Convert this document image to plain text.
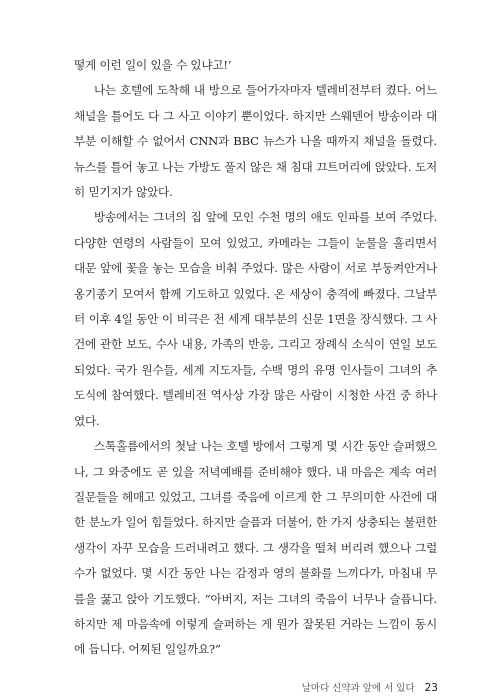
떻게 이런 일이 있을 수 있냐고!’

나는 호텔에 도착해 내 방으로 들어가자마자 텔레비전부터 켰다. 어느 채널을 틀어도 다 그 사고 이야기 뿐이었다. 하지만 스웨덴어 방송이라 대부분 이해할 수 없어서 CNN과 BBC 뉴스가 나올 때까지 채널을 돌렸다. 뉴스를 틀어 놓고 나는 가방도 풀지 않은 채 침대 끄트머리에 앉았다. 도저히 믿기지가 않았다.

방송에서는 그녀의 집 앞에 모인 수천 명의 애도 인파를 보여 주었다. 다양한 연령의 사람들이 모여 있었고, 카메라는 그들이 눈물을 흘리면서 대문 앞에 꽃을 놓는 모습을 비춰 주었다. 많은 사람이 서로 부둥켜안거나 옹기종기 모여서 함께 기도하고 있었다. 온 세상이 충격에 빠졌다. 그날부터 이후 4일 동안 이 비극은 전 세계 대부분의 신문 1면을 장식했다. 그 사건에 관한 보도, 수사 내용, 가족의 반응, 그리고 장례식 소식이 연일 보도되었다. 국가 원수들, 세계 지도자들, 수백 명의 유명 인사들이 그녀의 추도식에 참여했다. 텔레비전 역사상 가장 많은 사람이 시청한 사건 중 하나였다.

스톡홀름에서의 첫날 나는 호텔 방에서 그렇게 몇 시간 동안 슬퍼했으나, 그 와중에도 곧 있을 저녁예배를 준비해야 했다. 내 마음은 계속 여러 질문들을 헤매고 있었고, 그녀를 죽음에 이르게 한 그 무의미한 사건에 대한 분노가 일어 힘들었다. 하지만 슬픔과 더불어, 한 가지 상충되는 불편한 생각이 자꾸 모습을 드러내려고 했다. 그 생각을 떨쳐 버리려 했으나 그럴 수가 없었다. 몇 시간 동안 나는 감정과 영의 불화를 느끼다가, 마침내 무릎을 꿇고 앉아 기도했다. “아버지, 저는 그녀의 죽음이 너무나 슬픕니다. 하지만 제 마음속에 이렇게 슬퍼하는 게 뭔가 잘못된 거라는 느낌이 동시에 듭니다. 어찌된 일일까요?”

날마다 신약과 앞에 서 있다 23
